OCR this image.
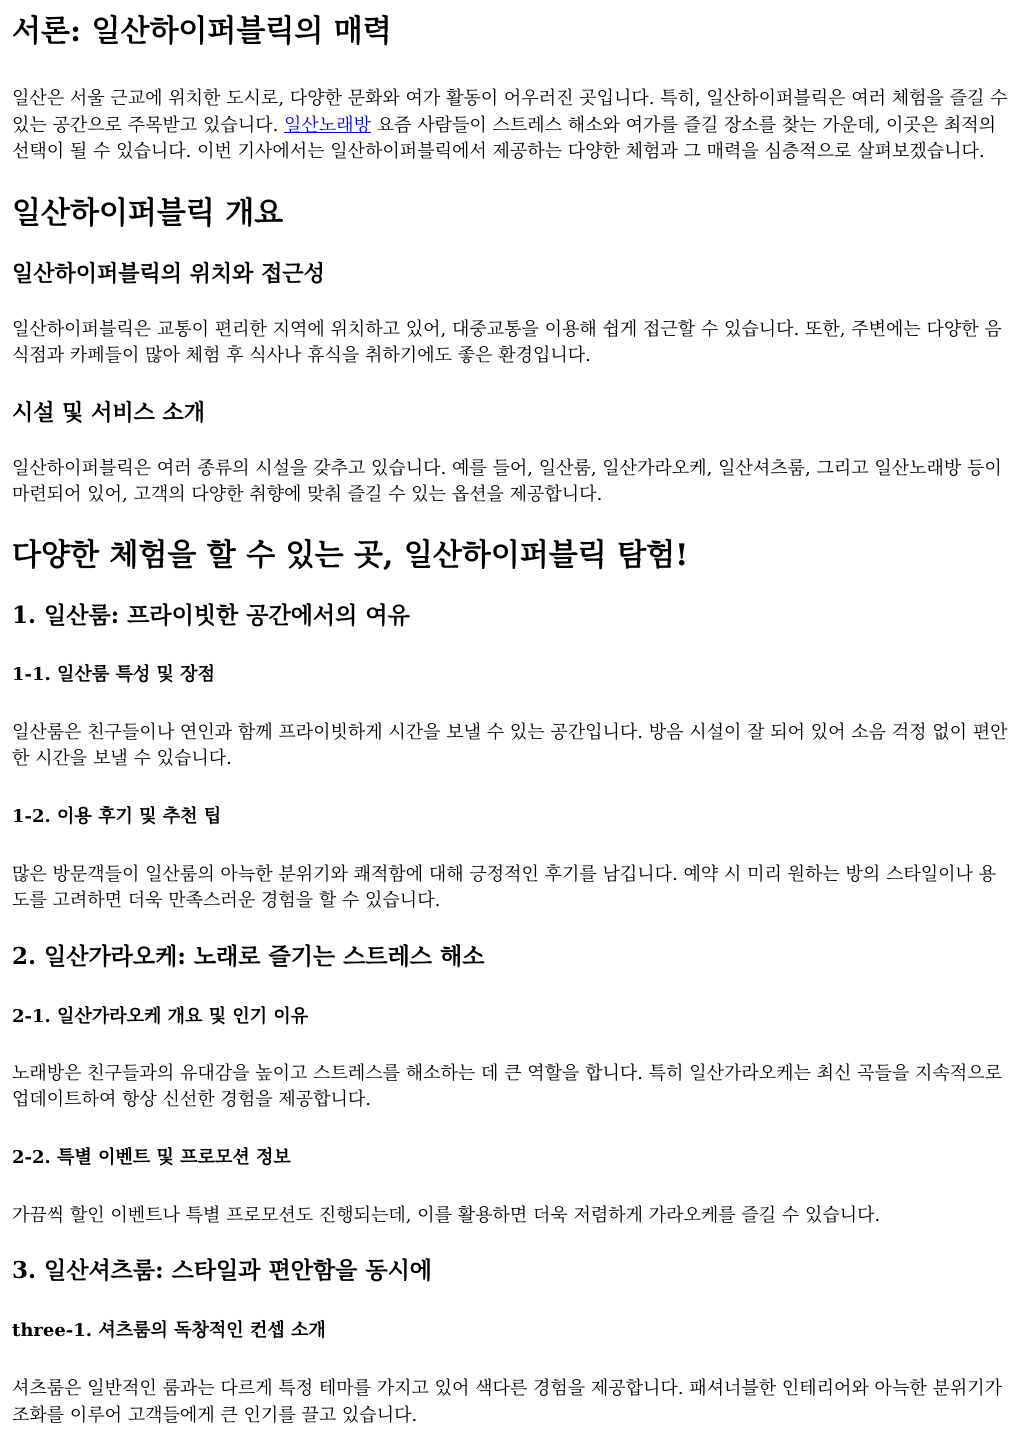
서론: 일산하이퍼블릭의 매력

일산은 서울 근교에 위치한 도시로, 다양한 문화와 여가 활동이 어우러진 곳입니다. 특히, 일산하이퍼블릭은 여러 체험을 즐길 수 있는 공간으로 주목받고 있습니다. 일산노래방 요즘 사람들이 스트레스 해소와 여가를 즐길 장소를 찾는 가운데, 이곳은 최적의 선택이 될 수 있습니다. 이번 기사에서는 일산하이퍼블릭에서 제공하는 다양한 체험과 그 매력을 심층적으로 살펴보겠습니다.

일산하이퍼블릭 개요
일산하이퍼블릭의 위치와 접근성

일산하이퍼블릭은 교통이 편리한 지역에 위치하고 있어, 대중교통을 이용해 쉽게 접근할 수 있습니다. 또한, 주변에는 다양한 음식점과 카페들이 많아 체험 후 식사나 휴식을 취하기에도 좋은 환경입니다.

시설 및 서비스 소개

일산하이퍼블릭은 여러 종류의 시설을 갖추고 있습니다. 예를 들어, 일산룸, 일산가라오케, 일산셔츠룸, 그리고 일산노래방 등이 마련되어 있어, 고객의 다양한 취향에 맞춰 즐길 수 있는 옵션을 제공합니다.

다양한 체험을 할 수 있는 곳, 일산하이퍼블릭 탐험!
1. 일산룸: 프라이빗한 공간에서의 여유
1-1. 일산룸 특성 및 장점

일산룸은 친구들이나 연인과 함께 프라이빗하게 시간을 보낼 수 있는 공간입니다. 방음 시설이 잘 되어 있어 소음 걱정 없이 편안한 시간을 보낼 수 있습니다.

1-2. 이용 후기 및 추천 팁

많은 방문객들이 일산룸의 아늑한 분위기와 쾌적함에 대해 긍정적인 후기를 남깁니다. 예약 시 미리 원하는 방의 스타일이나 용도를 고려하면 더욱 만족스러운 경험을 할 수 있습니다.

2. 일산가라오케: 노래로 즐기는 스트레스 해소
2-1. 일산가라오케 개요 및 인기 이유

노래방은 친구들과의 유대감을 높이고 스트레스를 해소하는 데 큰 역할을 합니다. 특히 일산가라오케는 최신 곡들을 지속적으로 업데이트하여 항상 신선한 경험을 제공합니다.

2-2. 특별 이벤트 및 프로모션 정보

가끔씩 할인 이벤트나 특별 프로모션도 진행되는데, 이를 활용하면 더욱 저렴하게 가라오케를 즐길 수 있습니다.

3. 일산셔츠룸: 스타일과 편안함을 동시에
three-1. 셔츠룸의 독창적인 컨셉 소개

셔츠룸은 일반적인 룸과는 다르게 특정 테마를 가지고 있어 색다른 경험을 제공합니다. 패셔너블한 인테리어와 아늑한 분위기가 조화를 이루어 고객들에게 큰 인기를 끌고 있습니다.
